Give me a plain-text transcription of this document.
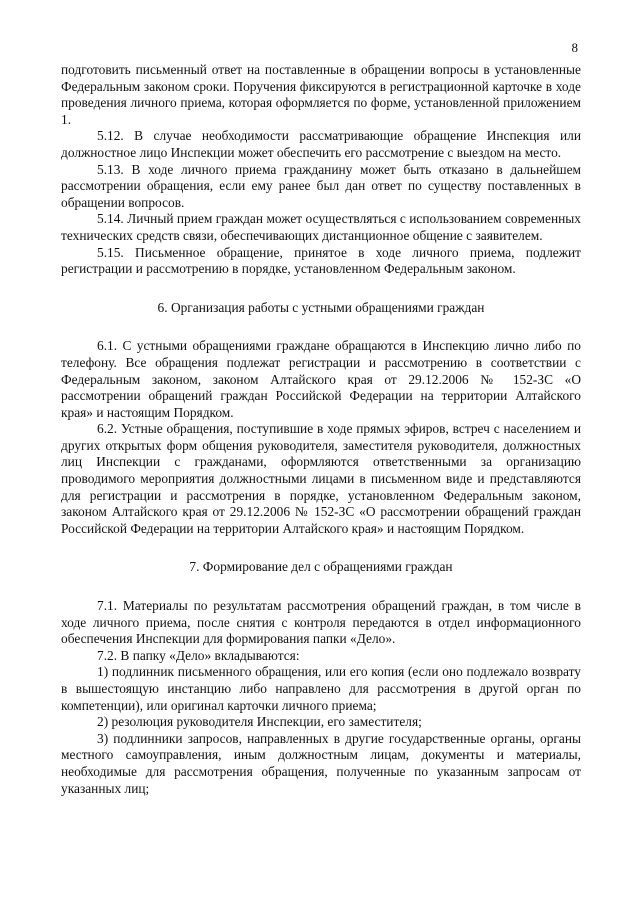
8

подготовить письменный ответ на поставленные в обращении вопросы в установленные Федеральным законом сроки. Поручения фиксируются в регистрационной карточке в ходе проведения личного приема, которая оформляется по форме, установленной приложением 1.

5.12. В случае необходимости рассматривающие обращение Инспекция или должностное лицо Инспекции может обеспечить его рассмотрение с выездом на место.

5.13. В ходе личного приема гражданину может быть отказано в дальнейшем рассмотрении обращения, если ему ранее был дан ответ по существу поставленных в обращении вопросов.

5.14. Личный прием граждан может осуществляться с использованием современных технических средств связи, обеспечивающих дистанционное общение с заявителем.

5.15. Письменное обращение, принятое в ходе личного приема, подлежит регистрации и рассмотрению в порядке, установленном Федеральным законом.

6. Организация работы с устными обращениями граждан

6.1. С устными обращениями граждане обращаются в Инспекцию лично либо по телефону. Все обращения подлежат регистрации и рассмотрению в соответствии с Федеральным законом, законом Алтайского края от 29.12.2006 № 152-ЗС «О рассмотрении обращений граждан Российской Федерации на территории Алтайского края» и настоящим Порядком.

6.2. Устные обращения, поступившие в ходе прямых эфиров, встреч с населением и других открытых форм общения руководителя, заместителя руководителя, должностных лиц Инспекции с гражданами, оформляются ответственными за организацию проводимого мероприятия должностными лицами в письменном виде и представляются для регистрации и рассмотрения в порядке, установленном Федеральным законом, законом Алтайского края от 29.12.2006 № 152-ЗС «О рассмотрении обращений граждан Российской Федерации на территории Алтайского края» и настоящим Порядком.

7. Формирование дел с обращениями граждан

7.1. Материалы по результатам рассмотрения обращений граждан, в том числе в ходе личного приема, после снятия с контроля передаются в отдел информационного обеспечения Инспекции для формирования папки «Дело».

7.2. В папку «Дело» вкладываются:

1) подлинник письменного обращения, или его копия (если оно подлежало возврату в вышестоящую инстанцию либо направлено для рассмотрения в другой орган по компетенции), или оригинал карточки личного приема;

2) резолюция руководителя Инспекции, его заместителя;

3) подлинники запросов, направленных в другие государственные органы, органы местного самоуправления, иным должностным лицам, документы и материалы, необходимые для рассмотрения обращения, полученные по указанным запросам от указанных лиц;
